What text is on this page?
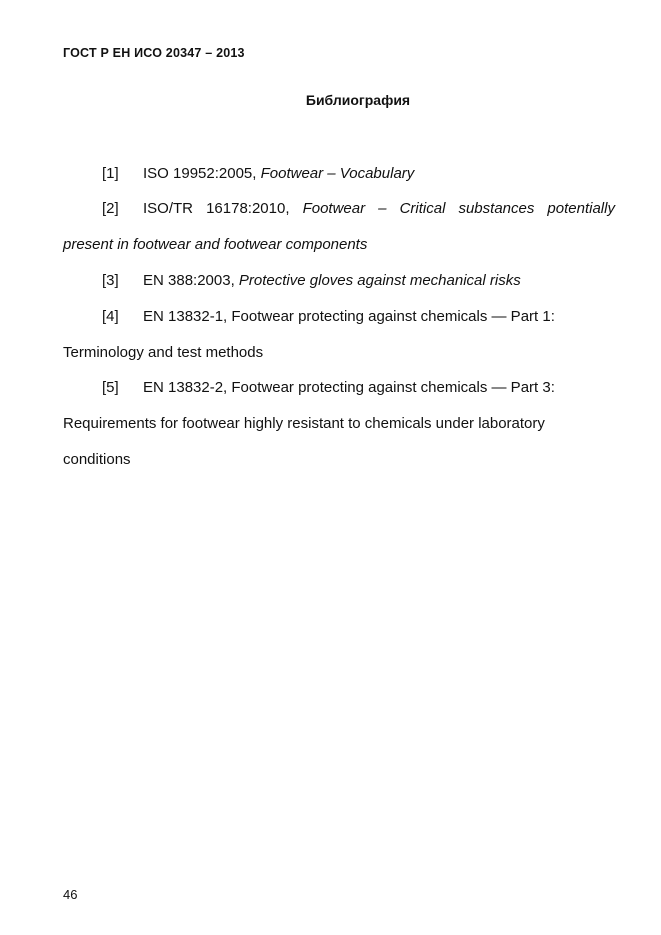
ГОСТ Р ЕН ИСО 20347 – 2013
Библиография
[1] ISO 19952:2005, Footwear – Vocabulary
[2] ISO/TR 16178:2010, Footwear – Critical substances potentially
present in footwear and footwear components
[3] EN 388:2003, Protective gloves against mechanical risks
[4] EN 13832-1, Footwear protecting against chemicals — Part 1:
Terminology and test methods
[5] EN 13832-2, Footwear protecting against chemicals — Part 3:
Requirements for footwear highly resistant to chemicals under laboratory
conditions
46
